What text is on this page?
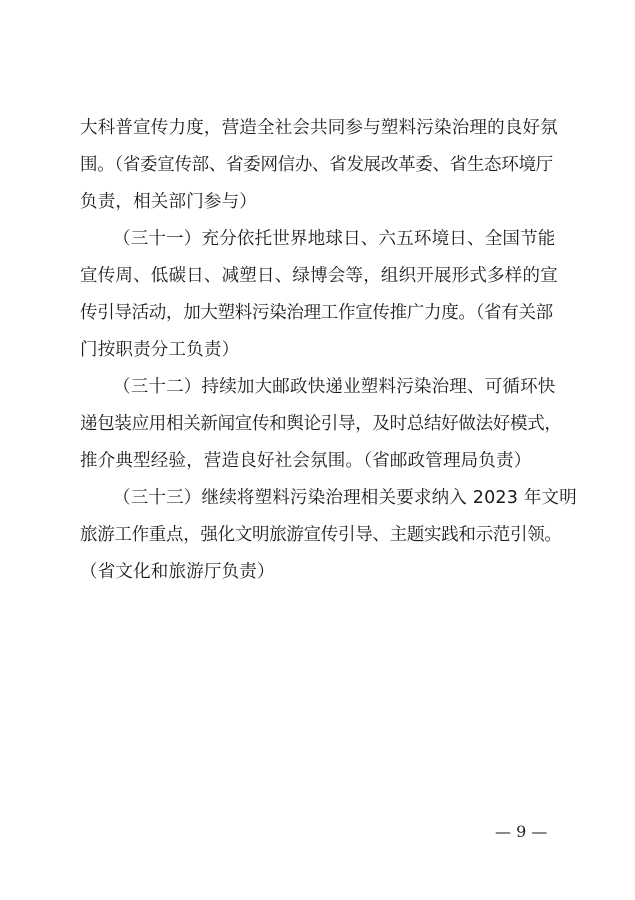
大科普宣传力度，营造全社会共同参与塑料污染治理的良好氛
围。（省委宣传部、省委网信办、省发展改革委、省生态环境厅
负责，相关部门参与）
（三十一）充分依托世界地球日、六五环境日、全国节能
宣传周、低碳日、减塑日、绿博会等，组织开展形式多样的宣
传引导活动，加大塑料污染治理工作宣传推广力度。（省有关部
门按职责分工负责）
（三十二）持续加大邮政快递业塑料污染治理、可循环快
递包装应用相关新闻宣传和舆论引导，及时总结好做法好模式，
推介典型经验，营造良好社会氛围。（省邮政管理局负责）
（三十三）继续将塑料污染治理相关要求纳入 2023 年文明
旅游工作重点，强化文明旅游宣传引导、主题实践和示范引领。
（省文化和旅游厅负责）
— 9 —
